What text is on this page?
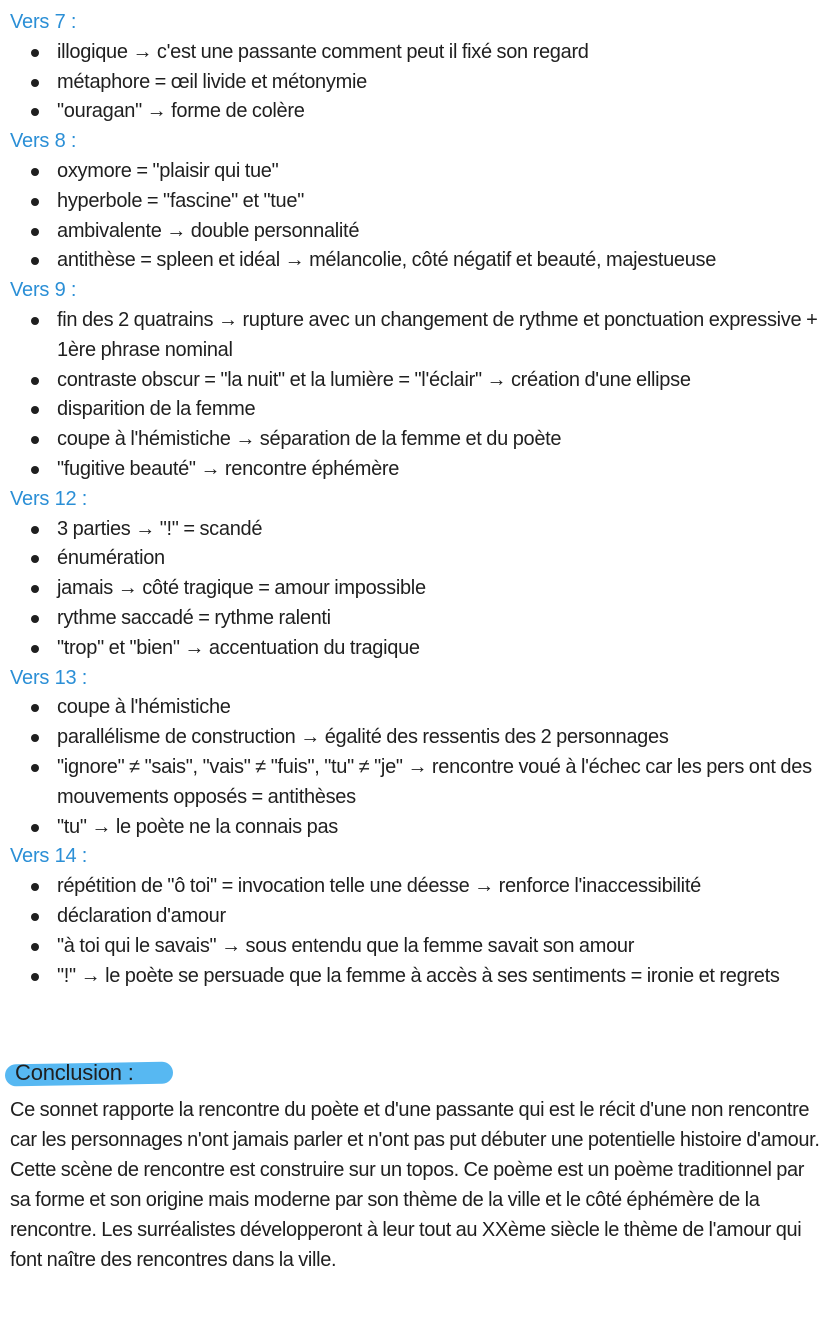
Vers 7 :
illogique → c'est une passante comment peut il fixé son regard
métaphore = œil livide et métonymie
"ouragan" → forme de colère
Vers 8 :
oxymore = "plaisir qui tue"
hyperbole = "fascine" et "tue"
ambivalente → double personnalité
antithèse = spleen et idéal → mélancolie, côté négatif et beauté, majestueuse
Vers 9 :
fin des 2 quatrains → rupture avec un changement de rythme et ponctuation expressive + 1ère phrase nominal
contraste obscur = "la nuit" et la lumière = "l'éclair" → création d'une ellipse
disparition de la femme
coupe à l'hémistiche → séparation de la femme et du poète
"fugitive beauté" → rencontre éphémère
Vers 12 :
3 parties → "!" = scandé
énumération
jamais → côté tragique = amour impossible
rythme saccadé = rythme ralenti
"trop" et "bien" → accentuation du tragique
Vers 13 :
coupe à l'hémistiche
parallélisme de construction → égalité des ressentis des 2 personnages
"ignore" ≠ "sais", "vais" ≠ "fuis", "tu" ≠ "je" → rencontre voué à l'échec car les pers ont des mouvements opposés = antithèses
"tu" → le poète ne la connais pas
Vers 14 :
répétition de "ô toi" = invocation telle une déesse → renforce l'inaccessibilité
déclaration d'amour
"à toi qui le savais" → sous entendu que la femme savait son amour
"!" → le poète se persuade que la femme à accès à ses sentiments = ironie et regrets
Conclusion :

Ce sonnet rapporte la rencontre du poète et d'une passante qui est le récit d'une non rencontre car les personnages n'ont jamais parler et n'ont pas put débuter une potentielle histoire d'amour. Cette scène de rencontre est construire sur un topos. Ce poème est un poème traditionnel par sa forme et son origine mais moderne par son thème de la ville et le côté éphémère de la rencontre. Les surréalistes développeront à leur tout au XXème siècle le thème de l'amour qui font naître des rencontres dans la ville.
